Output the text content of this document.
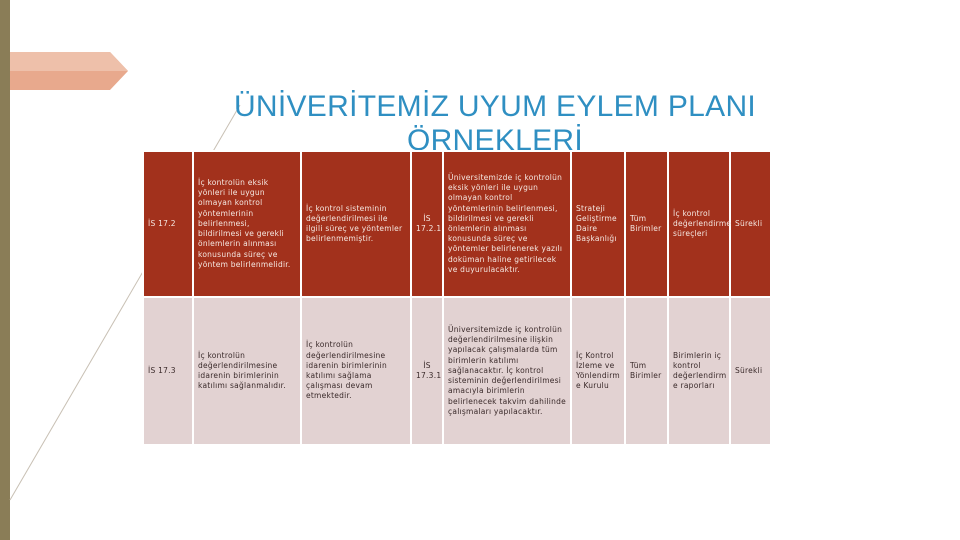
ÜNİVERİTEMİZ UYUM EYLEM PLANI ÖRNEKLERİ
İS 17.2	İç kontrolün eksik yönleri ile uygun olmayan kontrol yöntemlerinin belirlenmesi, bildirilmesi ve gerekli önlemlerin alınması konusunda süreç ve yöntem belirlenmelidir.	İç kontrol sisteminin değerlendirilmesi ile ilgili süreç ve yöntemler belirlenmemiştir.	İS 17.2.1	Üniversitemizde iç kontrolün eksik yönleri ile uygun olmayan kontrol yöntemlerinin belirlenmesi, bildirilmesi ve gerekli önlemlerin alınması konusunda süreç ve yöntemler belirlenerek yazılı doküman haline getirilecek ve duyurulacaktır.	Strateji Geliştirme Daire Başkanlığı	Tüm Birimler	İç kontrol değerlendirme süreçleri	Sürekli
İS 17.3	İç kontrolün değerlendirilmesine idarenin birimlerinin katılımı sağlanmalıdır.	İç kontrolün değerlendirilmesine idarenin birimlerinin katılımı sağlama çalışması devam etmektedir.	İS 17.3.1	Üniversitemizde iç kontrolün değerlendirilmesine ilişkin yapılacak çalışmalarda tüm birimlerin katılımı sağlanacaktır. İç kontrol sisteminin değerlendirilmesi amacıyla birimlerin belirlenecek takvim dahilinde çalışmaları yapılacaktır.	İç Kontrol İzleme ve Yönlendirm e Kurulu	Tüm Birimler	Birimlerin iç kontrol değerlendirm e raporları	Sürekli
